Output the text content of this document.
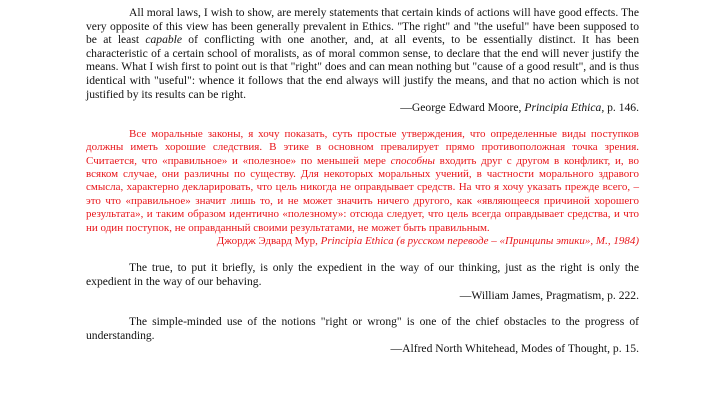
All moral laws, I wish to show, are merely statements that certain kinds of actions will have good effects. The very opposite of this view has been generally prevalent in Ethics. "The right" and "the useful" have been supposed to be at least capable of conflicting with one another, and, at all events, to be essentially distinct. It has been characteristic of a certain school of moralists, as of moral common sense, to declare that the end will never justify the means. What I wish first to point out is that "right" does and can mean nothing but "cause of a good result", and is thus identical with "useful": whence it follows that the end always will justify the means, and that no action which is not justified by its results can be right.

—George Edward Moore, Principia Ethica, p. 146.

Все моральные законы, я хочу показать, суть простые утверждения, что определенные виды поступков должны иметь хорошие следствия. В этике в основном превалирует прямо противоположная точка зрения. Считается, что «правильное» и «полезное» по меньшей мере способны входить друг с другом в конфликт, и, во всяком случае, они различны по существу. Для некоторых моральных учений, в частности морального здравого смысла, характерно декларировать, что цель никогда не оправдывает средств. На что я хочу указать прежде всего, – это что «правильное» значит лишь то, и не может значить ничего другого, как «являющееся причиной хорошего результата», и таким образом идентично «полезному»: отсюда следует, что цель всегда оправдывает средства, и что ни один поступок, не оправданный своими результатами, не может быть правильным.

Джордж Эдвард Мур, Principia Ethica (в русском переводе – «Принципы этики», М., 1984)

The true, to put it briefly, is only the expedient in the way of our thinking, just as the right is only the expedient in the way of our behaving.

—William James, Pragmatism, p. 222.

The simple-minded use of the notions "right or wrong" is one of the chief obstacles to the progress of understanding.

—Alfred North Whitehead, Modes of Thought, p. 15.
